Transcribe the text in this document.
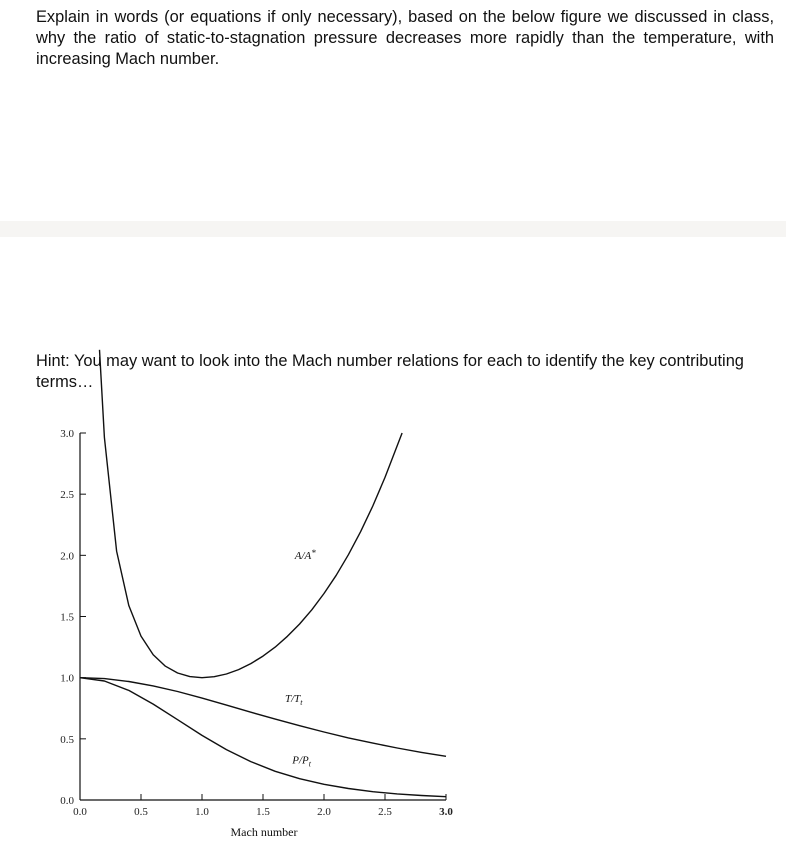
Explain in words (or equations if only necessary), based on the below figure we discussed in class, why the ratio of static-to-stagnation pressure decreases more rapidly than the temperature, with increasing Mach number.

Hint: You may want to look into the Mach number relations for each to identify the key contributing terms…

0.0
0.5
1.0
1.5
2.0
2.5
3.0
0.0	0.5	1.0	1.5	2.0	2.5	3.0
Mach number
A/A*
$T/T_t$
$P/P_t$
